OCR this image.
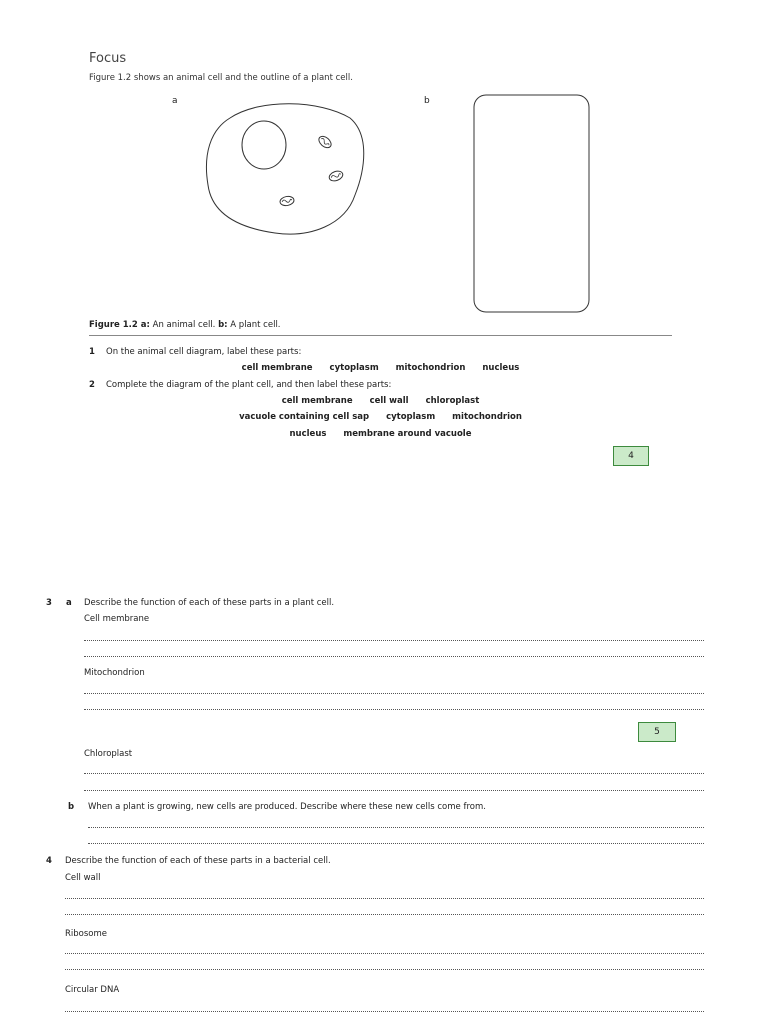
Focus
Figure 1.2 shows an animal cell and the outline of a plant cell.
a	b
Figure 1.2 a: An animal cell. b: A plant cell.
1 On the animal cell diagram, label these parts:
cell membrane cytoplasm mitochondrion nucleus
2 Complete the diagram of the plant cell, and then label these parts:
cell membrane cell wall chloroplast
vacuole containing cell sap cytoplasm mitochondrion
nucleus membrane around vacuole
4
3 a Describe the function of each of these parts in a plant cell.
Cell membrane
Mitochondrion
5
Chloroplast
b When a plant is growing, new cells are produced. Describe where these new cells come from.
4 Describe the function of each of these parts in a bacterial cell.
Cell wall
Ribosome
Circular DNA
